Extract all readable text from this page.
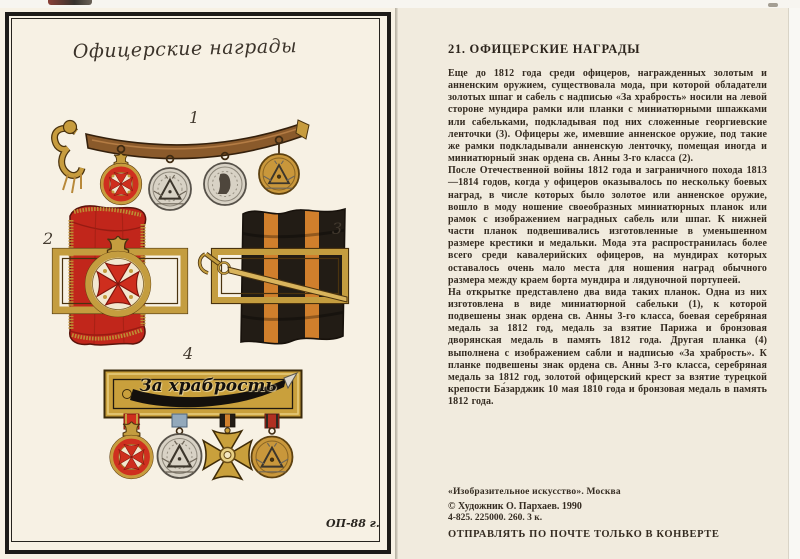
Офицерские награды
1
2
3
4
За храбрость
ОП-88 г.
21. ОФИЦЕРСКИЕ НАГРАДЫ

Еще до 1812 года среди офицеров, награжденных золотым и анненским оружием, существовала мода, при которой обладатели золотых шпаг и сабель с надписью «За храбрость» носили на левой стороне мундира рамки или планки с миниатюрными шпажками или сабельками, подкладывая под них сложенные георгиевские ленточки (3). Офицеры же, имевшие анненское оружие, под такие же рамки подкладывали анненскую ленточку, помещая иногда и миниатюрный знак ордена св. Анны 3-го класса (2).

После Отечественной войны 1812 года и заграничного похода 1813—1814 годов, когда у офицеров оказывалось по нескольку боевых наград, в числе которых было золотое или анненское оружие, вошло в моду ношение своеобразных миниатюрных планок или рамок с изображением наградных сабель или шпаг. К нижней части планок подвешивались изготовленные в уменьшенном размере крестики и медальки. Мода эта распространилась более всего среди кавалерийских офицеров, на мундирах которых оставалось очень мало места для ношения наград обычного размера между краем борта мундира и лядуночной портупеей.

На открытке представлено два вида таких планок. Одна из них изготовлена в виде миниатюрной сабельки (1), к которой подвешены знак ордена св. Анны 3-го класса, боевая серебряная медаль за 1812 год, медаль за взятие Парижа и бронзовая дворянская медаль в память 1812 года. Другая планка (4) выполнена с изображением сабли и надписью «За храбрость». К планке подвешены знак ордена св. Анны 3-го класса, серебряная медаль за 1812 год, золотой офицерский крест за взятие турецкой крепости Ба́зарджик 10 мая 1810 года и бронзовая медаль в память 1812 года.

«Изобразительное искусство». Москва
© Художник О. Пархаев. 1990
4-825. 225000. 260. 3 к.
ОТПРАВЛЯТЬ ПО ПОЧТЕ ТОЛЬКО В КОНВЕРТЕ
